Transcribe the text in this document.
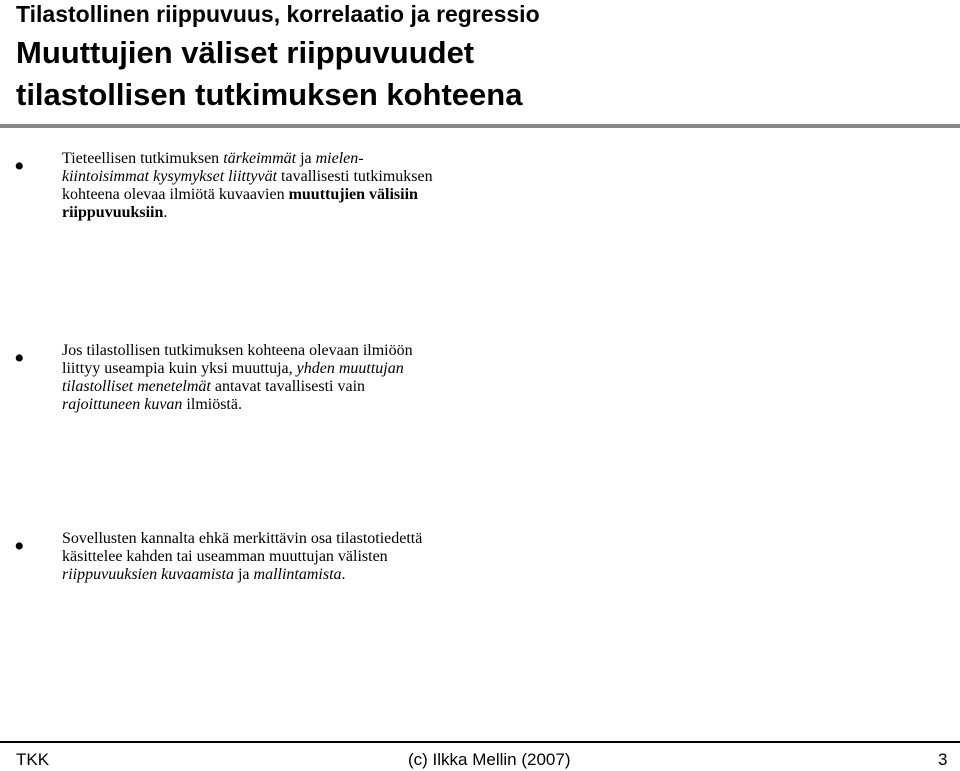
Tilastollinen riippuvuus, korrelaatio ja regressio
Muuttujien väliset riippuvuudet
tilastollisen tutkimuksen kohteena
• Tieteellisen tutkimuksen tärkeimmät ja mielen-
kiintoisimmat kysymykset liittyvät tavallisesti tutkimuksen
kohteena olevaa ilmiötä kuvaavien muuttujien välisiin
riippuvuuksiin.
• Jos tilastollisen tutkimuksen kohteena olevaan ilmiöön
liittyy useampia kuin yksi muuttuja, yhden muuttujan
tilastolliset menetelmät antavat tavallisesti vain
rajoittuneen kuvan ilmiöstä.
• Sovellusten kannalta ehkä merkittävin osa tilastotiedettä
käsittelee kahden tai useamman muuttujan välisten
riippuvuuksien kuvaamista ja mallintamista.
TKK	(c) Ilkka Mellin (2007)	3
